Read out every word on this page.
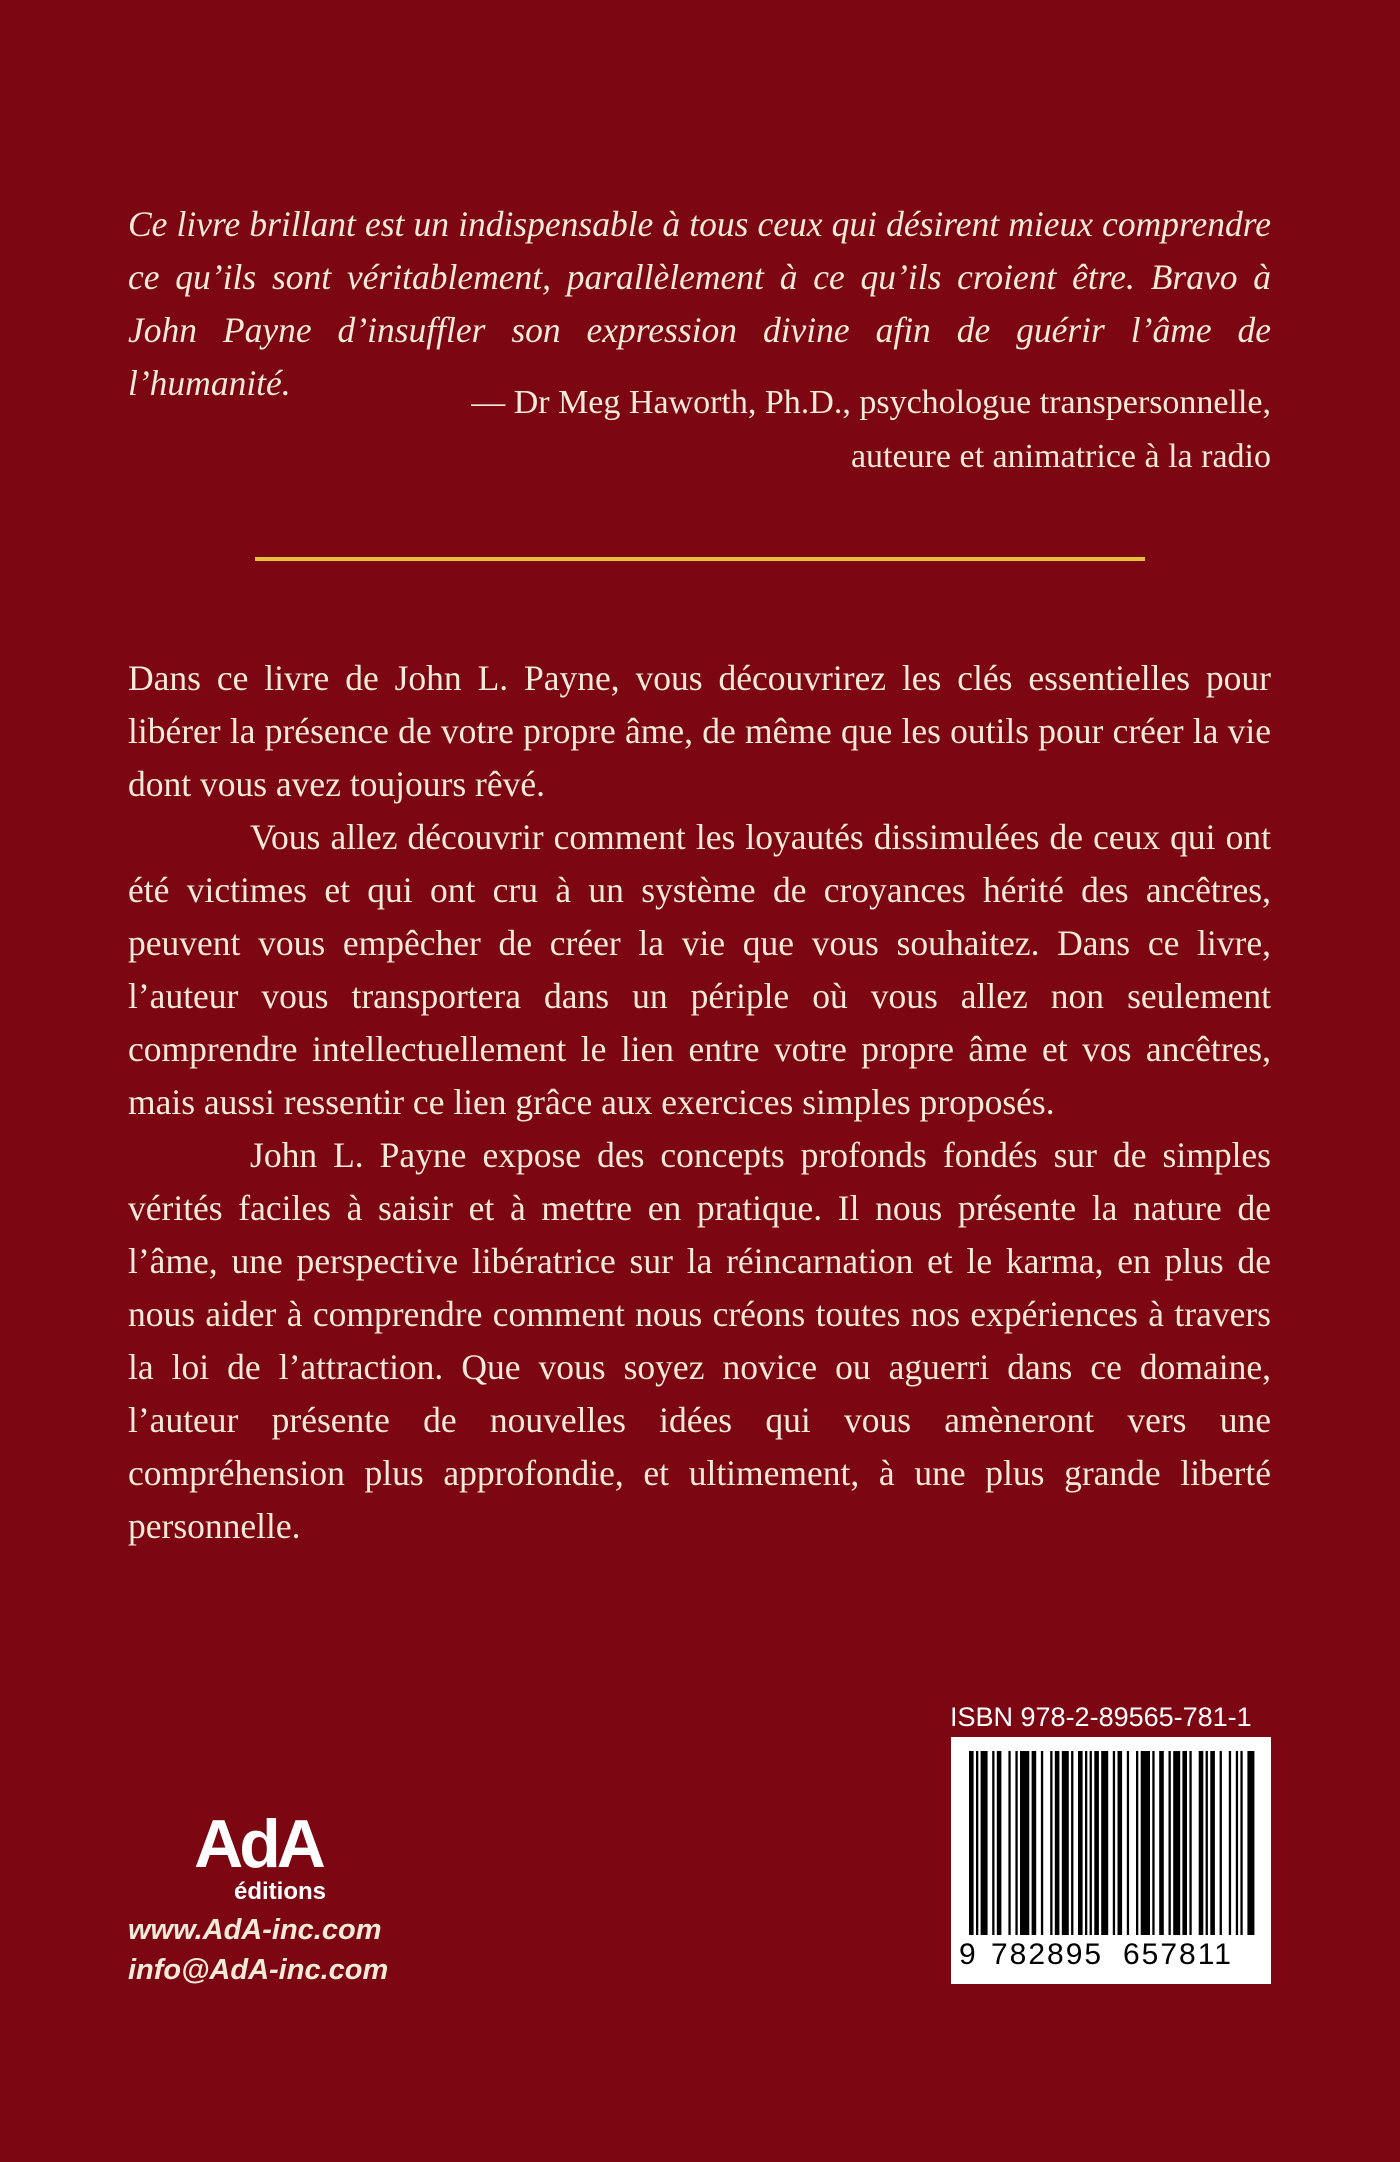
Ce livre brillant est un indispensable à tous ceux qui désirent mieux comprendre ce qu’ils sont véritablement, parallèlement à ce qu’ils croient être. Bravo à John Payne d’insuffler son expression divine afin de guérir l’âme de l’humanité.	— Dr Meg Haworth, Ph.D., psychologue transpersonnelle,
auteure et animatrice à la radio

Dans ce livre de John L. Payne, vous découvrirez les clés essentielles pour libérer la présence de votre propre âme, de même que les outils pour créer la vie dont vous avez toujours rêvé.

Vous allez découvrir comment les loyautés dissimulées de ceux qui ont été victimes et qui ont cru à un système de croyances hérité des ancêtres, peuvent vous empêcher de créer la vie que vous souhaitez. Dans ce livre, l’auteur vous transportera dans un périple où vous allez non seulement comprendre intellectuellement le lien entre votre propre âme et vos ancêtres, mais aussi ressentir ce lien grâce aux exercices simples proposés.

John L. Payne expose des concepts profonds fondés sur de simples vérités faciles à saisir et à mettre en pratique. Il nous présente la nature de l’âme, une perspective libératrice sur la réincarnation et le karma, en plus de nous aider à comprendre comment nous créons toutes nos expériences à travers la loi de l’attraction. Que vous soyez novice ou aguerri dans ce domaine, l’auteur présente de nouvelles idées qui vous amèneront vers une compréhension plus approfondie, et ultimement, à une plus grande liberté personnelle.

AdA
éditions
www.AdA-inc.com
info@AdA-inc.com
ISBN 978-2-89565-781-1
9 782895 657811
